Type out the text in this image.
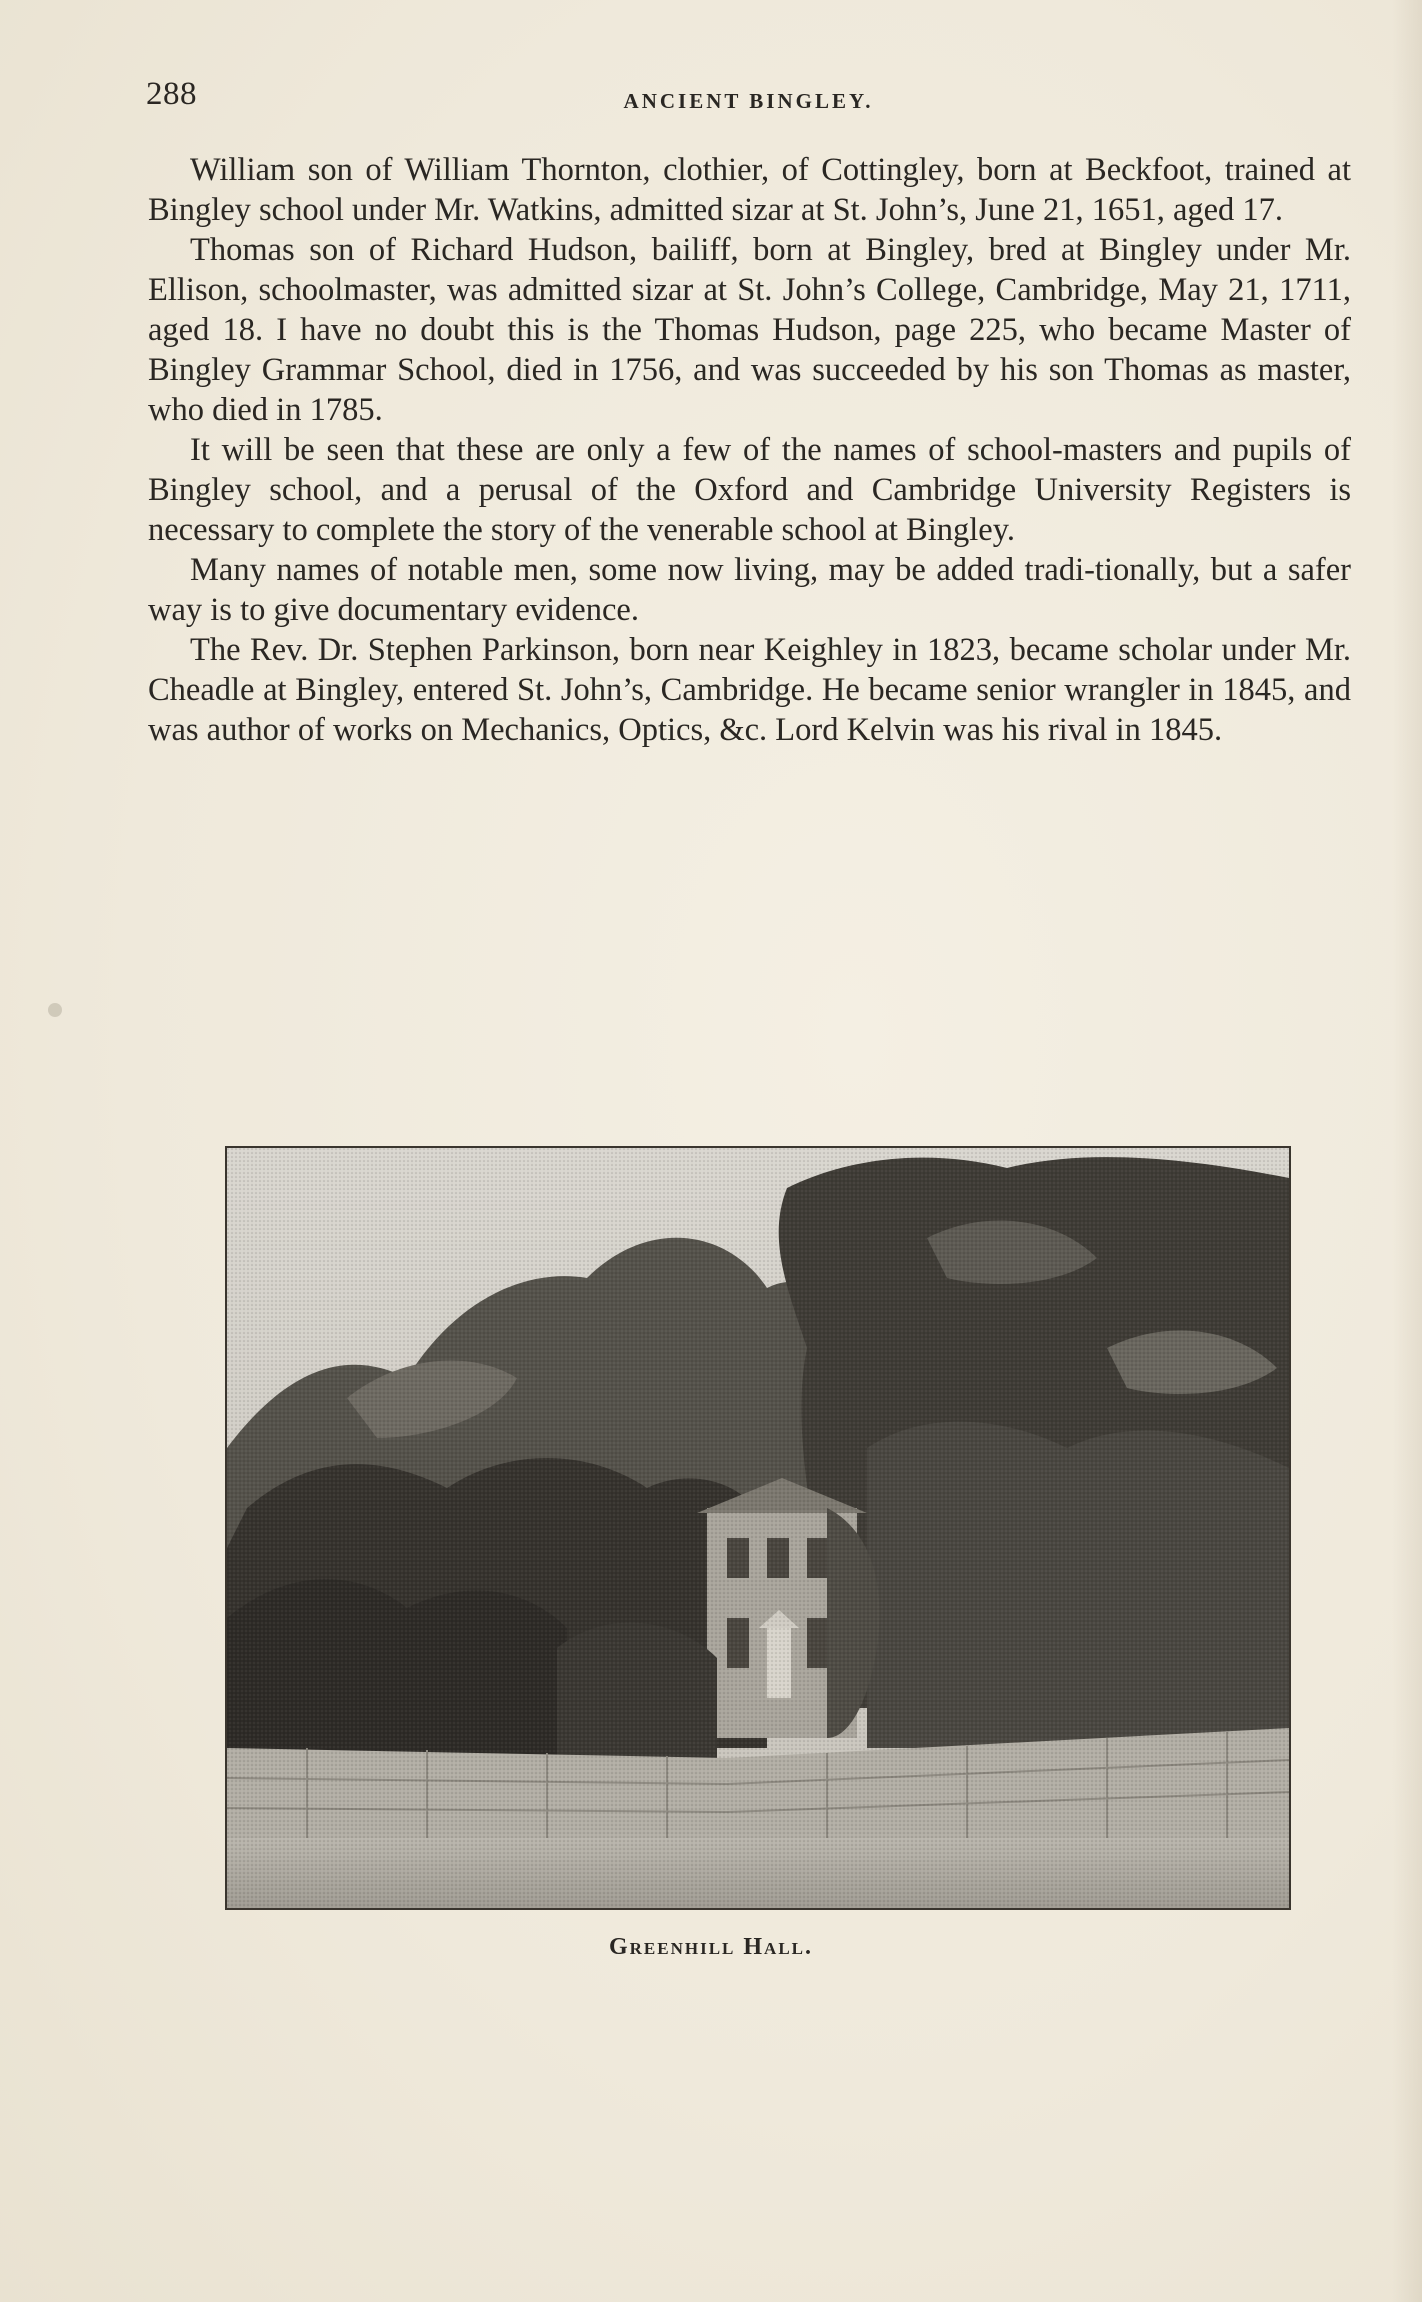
288	ANCIENT BINGLEY.

William son of William Thornton, clothier, of Cottingley, born at Beckfoot, trained at Bingley school under Mr. Watkins, admitted sizar at St. John’s, June 21, 1651, aged 17.

Thomas son of Richard Hudson, bailiff, born at Bingley, bred at Bingley under Mr. Ellison, schoolmaster, was admitted sizar at St. John’s College, Cambridge, May 21, 1711, aged 18. I have no doubt this is the Thomas Hudson, page 225, who became Master of Bingley Grammar School, died in 1756, and was succeeded by his son Thomas as master, who died in 1785.

It will be seen that these are only a few of the names of school-masters and pupils of Bingley school, and a perusal of the Oxford and Cambridge University Registers is necessary to complete the story of the venerable school at Bingley.

Many names of notable men, some now living, may be added tradi-tionally, but a safer way is to give documentary evidence.

The Rev. Dr. Stephen Parkinson, born near Keighley in 1823, became scholar under Mr. Cheadle at Bingley, entered St. John’s, Cambridge. He became senior wrangler in 1845, and was author of works on Mechanics, Optics, &c. Lord Kelvin was his rival in 1845.

Greenhill Hall.
